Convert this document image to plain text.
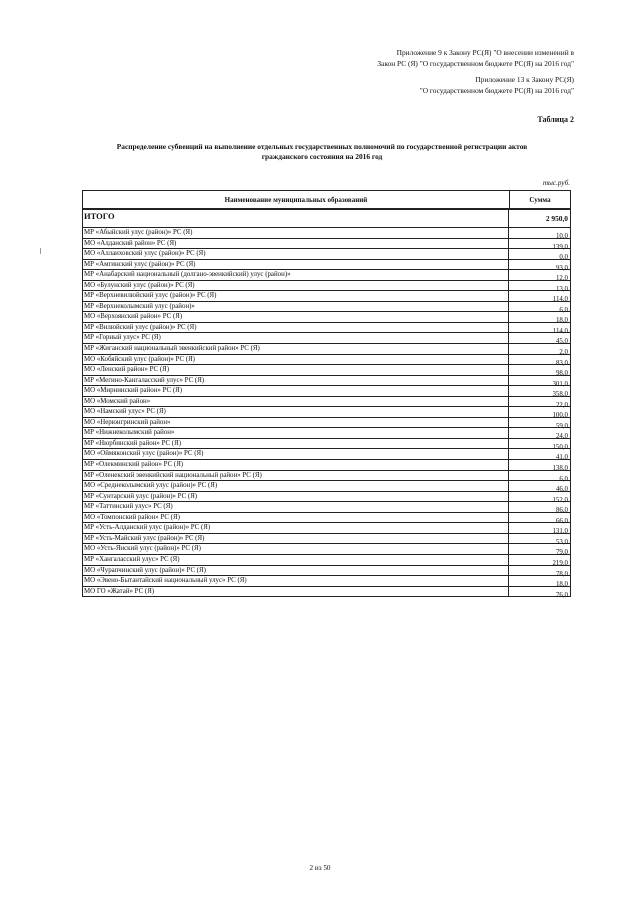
Приложение 9 к Закону РС(Я) "О внесении изменений в
Закон РС (Я) "О государственном бюджете РС(Я) на 2016 год"
Приложение 13 к Закону РС(Я)
"О государственном бюджете РС(Я) на 2016 год"
Таблица 2
Распределение субвенций на выполнение отдельных государственных полномочий по государственной регистрации актов
гражданского состояния на 2016 год
тыс.руб.
Наименование муниципальных образований	Сумма
ИТОГО	2 950,0
МР «Абыйский улус (район)» РС (Я)
10,0
МО «Алданский район» РС (Я)
139,0
МО «Аллаиховский улус (район)» РС (Я)
0,0
МР «Амгинский улус (район)» РС (Я)
93,0
МР «Анабарский национальный (долгано-эвенкийский) улус (район)»
12,0
МО «Булунский улус (район)» РС (Я)
13,0
МР «Верхневилюйский улус (район)» РС (Я)
114,0
МР «Верхнеколымский улус (район)»
6,0
МО «Верхоянский район» РС (Я)
18,0
МР «Вилюйский улус (район)» РС (Я)
114,0
МР «Горный улус» РС (Я)
45,0
МР «Жиганский национальный эвенкийский район» РС (Я)
2,0
МО «Кобяйский улус (район)» РС (Я)
83,0
МО «Ленский район» РС (Я)
98,0
МР «Мегино-Кангаласский улус» РС (Я)
301,0
МО «Мирнинский район» РС (Я)
358,0
МО «Момский район»
22,0
МО «Намский улус» РС (Я)
100,0
МО «Нерюнгринский район»
59,0
МР «Нижнеколымский район»
24,0
МР «Нюрбинский район» РС (Я)
150,0
МО «Оймяконский улус (район)» РС (Я)
41,0
МР «Олекминский район» РС (Я)
138,0
МР «Оленекский эвенкийский национальный район» РС (Я)
6,0
МО «Среднеколымский улус (район)» РС (Я)
46,0
МР «Сунтарский улус (район)» РС (Я)
152,0
МР «Таттинский улус» РС (Я)
86,0
МО «Томпонский район» РС (Я)
66,0
МР «Усть-Алданский улус (район)» РС (Я)
131,0
МР «Усть-Майский улус (район)» РС (Я)
53,0
МО «Усть-Янский улус (район)» РС (Я)
79,0
МР «Хангаласский улус» РС (Я)
219,0
МО «Чурапчинский улус (район)» РС (Я)
78,0
МО «Эвено-Бытантайский национальный улус» РС (Я)
18,0
МО ГО «Жатай» РС (Я)
76,0
2 из 50
